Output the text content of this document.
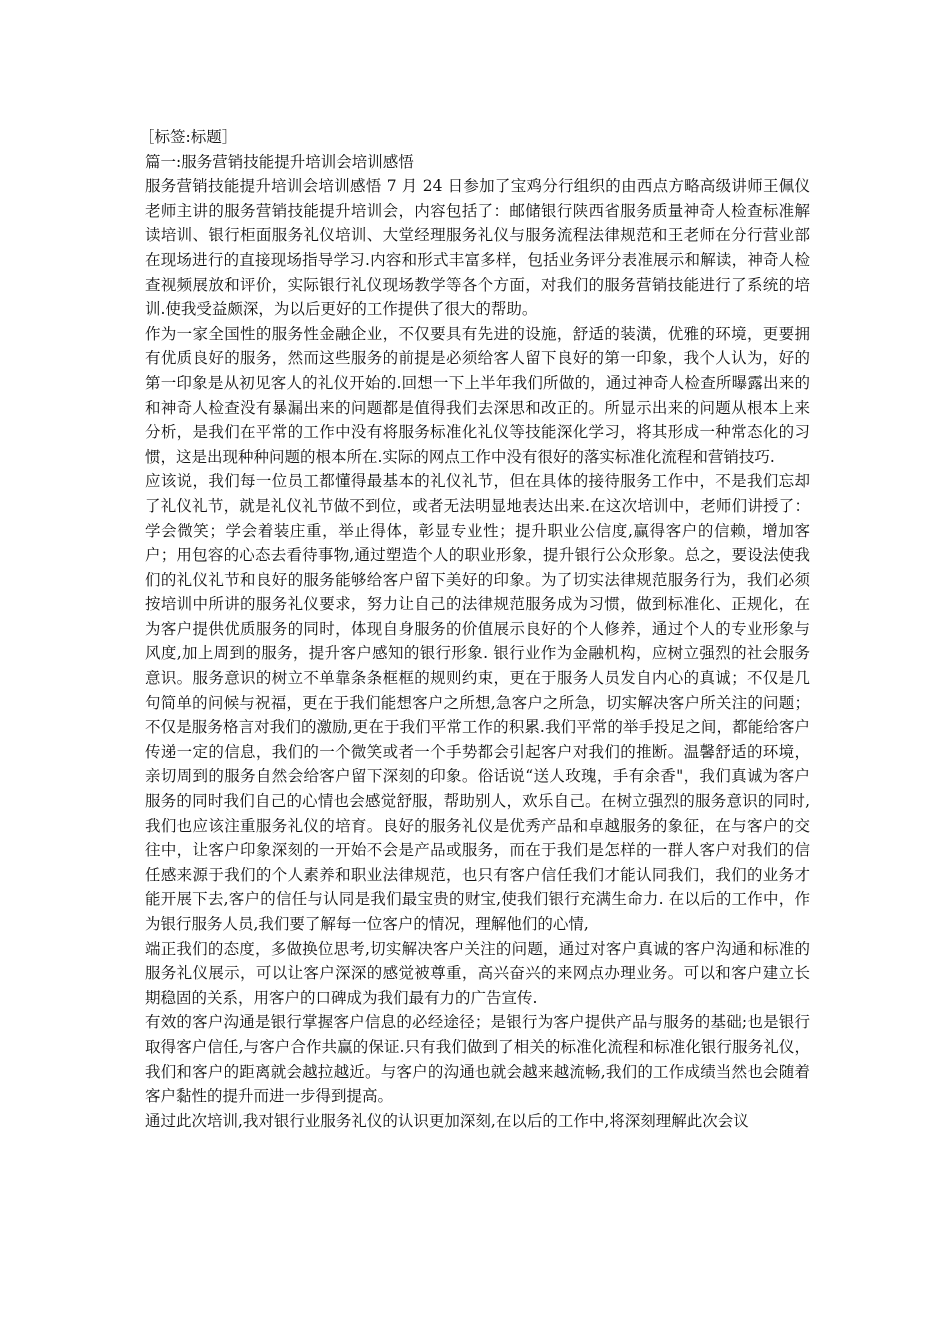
［标签:标题］

篇一:服务营销技能提升培训会培训感悟

服务营销技能提升培训会培训感悟 7 月 24 日参加了宝鸡分行组织的由西点方略高级讲师王佩仪老师主讲的服务营销技能提升培训会，内容包括了：邮储银行陕西省服务质量神奇人检查标准解读培训、银行柜面服务礼仪培训、大堂经理服务礼仪与服务流程法律规范和王老师在分行营业部在现场进行的直接现场指导学习.内容和形式丰富多样，包括业务评分表准展示和解读，神奇人检查视频展放和评价，实际银行礼仪现场教学等各个方面，对我们的服务营销技能进行了系统的培训.使我受益颇深，为以后更好的工作提供了很大的帮助。

作为一家全国性的服务性金融企业，不仅要具有先进的设施，舒适的装潢，优雅的环境，更要拥有优质良好的服务，然而这些服务的前提是必须给客人留下良好的第一印象，我个人认为，好的第一印象是从初见客人的礼仪开始的.回想一下上半年我们所做的，通过神奇人检查所曝露出来的和神奇人检查没有暴漏出来的问题都是值得我们去深思和改正的。所显示出来的问题从根本上来分析，是我们在平常的工作中没有将服务标准化礼仪等技能深化学习，将其形成一种常态化的习惯，这是出现种种问题的根本所在.实际的网点工作中没有很好的落实标准化流程和营销技巧.

应该说，我们每一位员工都懂得最基本的礼仪礼节，但在具体的接待服务工作中，不是我们忘却了礼仪礼节，就是礼仪礼节做不到位，或者无法明显地表达出来.在这次培训中，老师们讲授了：学会微笑；学会着装庄重，举止得体，彰显专业性；提升职业公信度,赢得客户的信赖，增加客户；用包容的心态去看待事物,通过塑造个人的职业形象，提升银行公众形象。总之，要设法使我们的礼仪礼节和良好的服务能够给客户留下美好的印象。为了切实法律规范服务行为，我们必须按培训中所讲的服务礼仪要求，努力让自己的法律规范服务成为习惯，做到标准化、正规化，在为客户提供优质服务的同时，体现自身服务的价值展示良好的个人修养，通过个人的专业形象与风度,加上周到的服务，提升客户感知的银行形象. 银行业作为金融机构，应树立强烈的社会服务意识。服务意识的树立不单靠条条框框的规则约束，更在于服务人员发自内心的真诚；不仅是几句简单的问候与祝福，更在于我们能想客户之所想,急客户之所急，切实解决客户所关注的问题；不仅是服务格言对我们的激励,更在于我们平常工作的积累.我们平常的举手投足之间，都能给客户传递一定的信息，我们的一个微笑或者一个手势都会引起客户对我们的推断。温馨舒适的环境，亲切周到的服务自然会给客户留下深刻的印象。俗话说“送人玫瑰，手有余香"，我们真诚为客户服务的同时我们自己的心情也会感觉舒服，帮助别人，欢乐自己。在树立强烈的服务意识的同时,我们也应该注重服务礼仪的培育。良好的服务礼仪是优秀产品和卓越服务的象征，在与客户的交往中，让客户印象深刻的一开始不会是产品或服务，而在于我们是怎样的一群人客户对我们的信任感来源于我们的个人素养和职业法律规范，也只有客户信任我们才能认同我们，我们的业务才能开展下去,客户的信任与认同是我们最宝贵的财宝,使我们银行充满生命力. 在以后的工作中，作为银行服务人员,我们要了解每一位客户的情况，理解他们的心情,

端正我们的态度，多做换位思考,切实解决客户关注的问题，通过对客户真诚的客户沟通和标准的服务礼仪展示，可以让客户深深的感觉被尊重，高兴奋兴的来网点办理业务。可以和客户建立长期稳固的关系，用客户的口碑成为我们最有力的广告宣传.

有效的客户沟通是银行掌握客户信息的必经途径；是银行为客户提供产品与服务的基础;也是银行取得客户信任,与客户合作共赢的保证.只有我们做到了相关的标准化流程和标准化银行服务礼仪，我们和客户的距离就会越拉越近。与客户的沟通也就会越来越流畅,我们的工作成绩当然也会随着客户黏性的提升而进一步得到提高。

通过此次培训,我对银行业服务礼仪的认识更加深刻,在以后的工作中,将深刻理解此次会议
